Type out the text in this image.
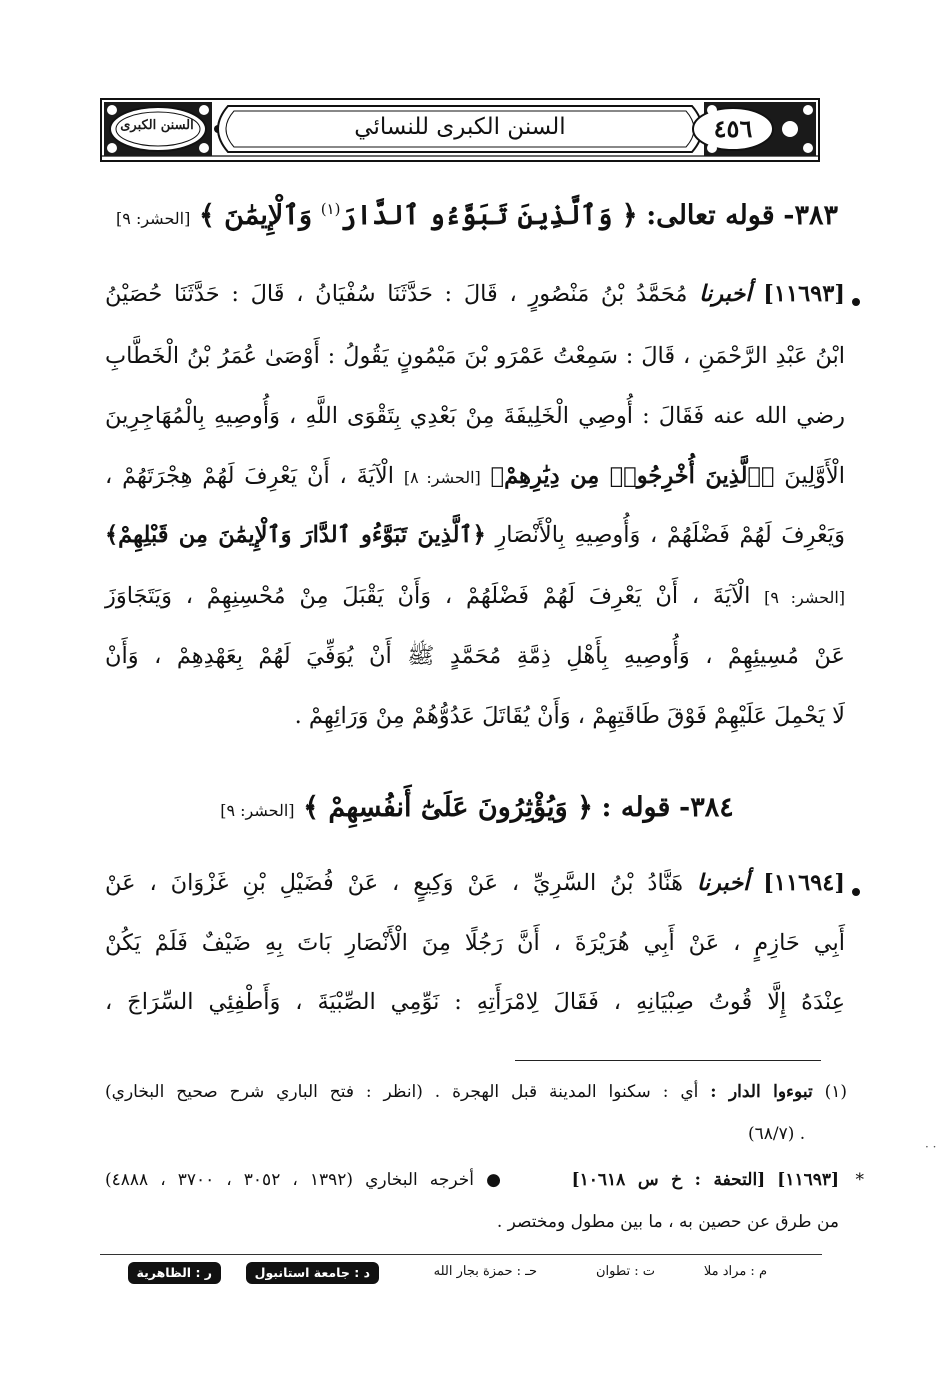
السنن الكبرى	السنن الكبرى للنسائي	٤٥٦
٣٨٣- قوله تعالى: ﴿ وَٱلَّذِينَ تَبَوَّءُو ٱلدَّارَ$^{(١)}$ وَٱلْإِيمَٰنَ ﴾ [الحشر: ٩]
[١١٦٩٣] أخبرنا مُحَمَّدُ بْنُ مَنْصُورٍ ، قَالَ : حَدَّثَنَا سُفْيَانُ ، قَالَ : حَدَّثَنَا حُصَيْنُ
ابْنُ عَبْدِ الرَّحْمَنِ ، قَالَ : سَمِعْتُ عَمْرَو بْنَ مَيْمُونٍ يَقُولُ : أَوْصَىٰ عُمَرُ بْنُ الْخَطَّابِ
رضي الله عنه فَقَالَ : أُوصِي الْخَلِيفَةَ مِنْ بَعْدِي بِتَقْوَى اللَّهِ ، وَأُوصِيهِ بِالْمُهَاجِرِينَ
الْأَوَّلِينَ ﴿ٱلَّذِينَ أُخْرِجُوا۟ مِن دِيَٰرِهِمْ﴾ [الحشر: ٨] الْآيَةَ ، أَنْ يَعْرِفَ لَهُمْ هِجْرَتَهُمْ ،
وَيَعْرِفَ لَهُمْ فَضْلَهُمْ ، وَأُوصِيهِ بِالْأَنْصَارِ ﴿ٱلَّذِينَ تَبَوَّءُو ٱلدَّارَ وَٱلْإِيمَٰنَ مِن قَبْلِهِمْ﴾
[الحشر: ٩] الْآيَةَ ، أَنْ يَعْرِفَ لَهُمْ فَضْلَهُمْ ، وَأَنْ يَقْبَلَ مِنْ مُحْسِنِهِمْ ، وَيَتَجَاوَزَ
عَنْ مُسِيئِهِمْ ، وَأُوصِيهِ بِأَهْلِ ذِمَّةِ مُحَمَّدٍ ﷺ أَنْ يُوَفِّيَ لَهُمْ بِعَهْدِهِمْ ، وَأَنْ
لَا يَحْمِلَ عَلَيْهِمْ فَوْقَ طَاقَتِهِمْ ، وَأَنْ يُقَاتَلَ عَدُوُّهُمْ مِنْ وَرَائِهِمْ .
٣٨٤- قوله : ﴿ وَيُؤْثِرُونَ عَلَىٰٓ أَنفُسِهِمْ ﴾ [الحشر: ٩]
[١١٦٩٤] أخبرنا هَنَّادُ بْنُ السَّرِيِّ ، عَنْ وَكِيعٍ ، عَنْ فُضَيْلِ بْنِ غَزْوَانَ ، عَنْ
أَبِي حَازِمٍ ، عَنْ أَبِي هُرَيْرَةَ ، أَنَّ رَجُلًا مِنَ الْأَنْصَارِ بَاتَ بِهِ ضَيْفٌ فَلَمْ يَكُنْ
عِنْدَهُ إِلَّا قُوتُ صِبْيَانِهِ ، فَقَالَ لِامْرَأَتِهِ : نَوِّمِي الصِّبْيَةَ ، وَأَطْفِئِي السِّرَاجَ ،
(١) تبوءوا الدار : أي : سكنوا المدينة قبل الهجرة . (انظر : فتح الباري شرح صحيح البخاري)
. (٦٨/٧)
*
[١١٦٩٣] [التحفة : خ س ١٠٦١٨]  ● أخرجه البخاري (١٣٩٢ ، ٣٠٥٢ ، ٣٧٠٠ ، ٤٨٨٨)
من طرق عن حصين به ، ما بين مطول ومختصر .
م : مراد ملا
ت : تطوان
حـ : حمزة بجار الله
د : جامعة استانبول
ر : الظاهرية
· ·
